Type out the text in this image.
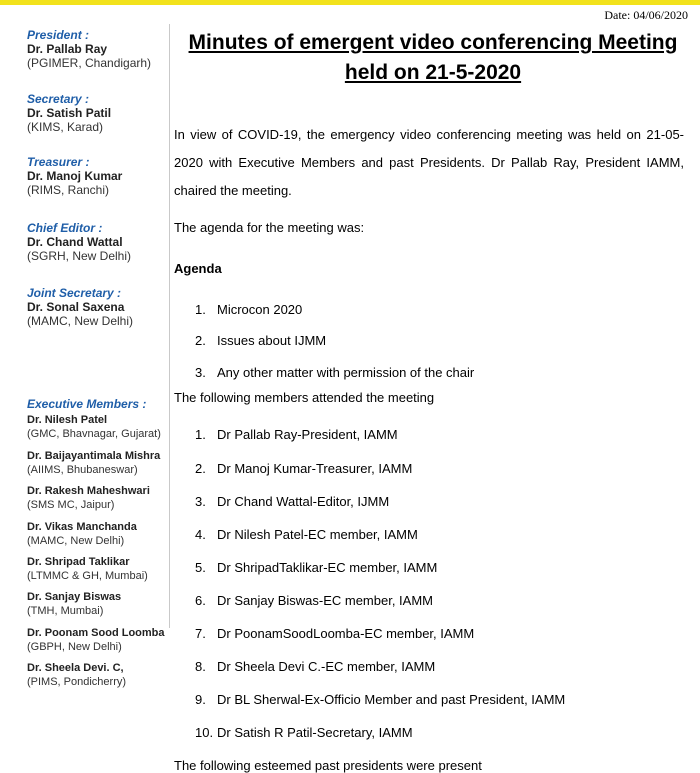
Date: 04/06/2020
President :
Dr. Pallab Ray
(PGIMER, Chandigarh)
Secretary :
Dr. Satish Patil
(KIMS, Karad)
Treasurer :
Dr. Manoj Kumar
(RIMS, Ranchi)
Chief Editor :
Dr. Chand Wattal
(SGRH, New Delhi)
Joint Secretary :
Dr. Sonal Saxena
(MAMC, New Delhi)
Executive Members :
Dr. Nilesh Patel
(GMC, Bhavnagar, Gujarat)
Dr. Baijayantimala Mishra
(AIIMS, Bhubaneswar)
Dr. Rakesh Maheshwari
(SMS MC, Jaipur)
Dr. Vikas Manchanda
(MAMC, New Delhi)
Dr. Shripad Taklikar
(LTMMC & GH, Mumbai)
Dr. Sanjay Biswas
(TMH, Mumbai)
Dr. Poonam Sood Loomba
(GBPH, New Delhi)
Dr. Sheela Devi. C,
(PIMS, Pondicherry)
Minutes of emergent video conferencing Meeting held on 21-5-2020
In view of COVID-19, the emergency video conferencing meeting was held on 21-05-2020 with Executive Members and past Presidents. Dr Pallab Ray, President IAMM, chaired the meeting.
The agenda for the meeting was:
Agenda
1. Microcon 2020
2. Issues about IJMM
3. Any other matter with permission of the chair
The following members attended the meeting
1. Dr Pallab Ray-President, IAMM
2. Dr Manoj Kumar-Treasurer, IAMM
3. Dr Chand Wattal-Editor, IJMM
4. Dr Nilesh Patel-EC member, IAMM
5. Dr ShripadTaklikar-EC member, IAMM
6. Dr Sanjay Biswas-EC member, IAMM
7. Dr PoonamSoodLoomba-EC member, IAMM
8. Dr Sheela Devi C.-EC member, IAMM
9. Dr BL Sherwal-Ex-Officio Member and past President, IAMM
10. Dr Satish R Patil-Secretary, IAMM
The following esteemed past presidents were present
